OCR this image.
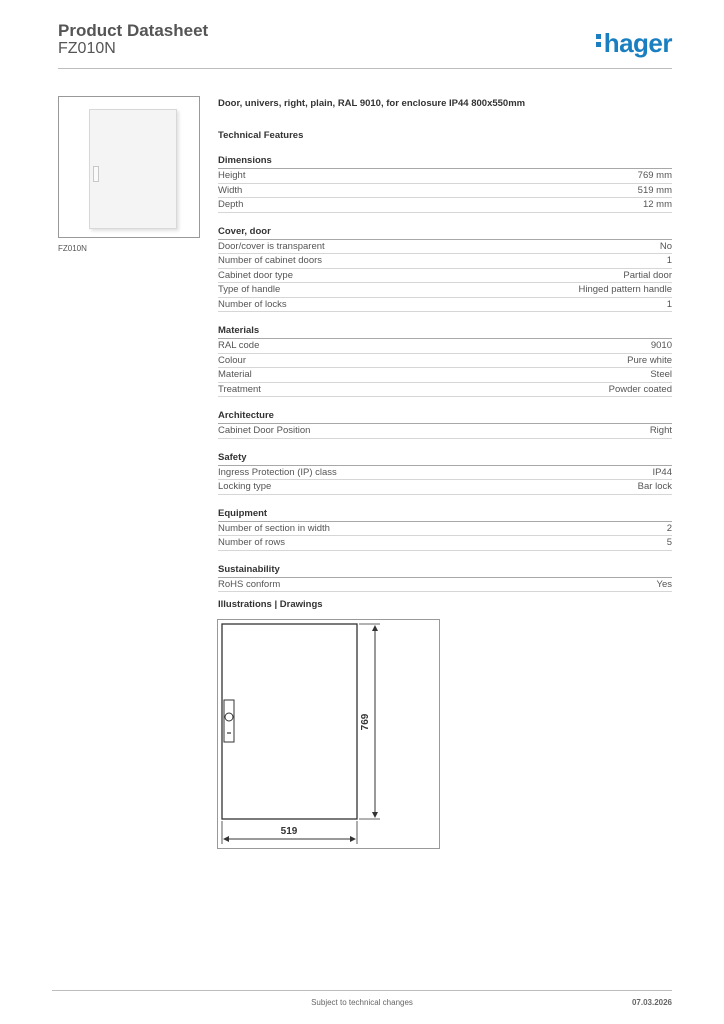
Product Datasheet
FZ010N	hager
FZ010N
Door, univers, right, plain, RAL 9010, for enclosure IP44 800x550mm
Technical Features
Dimensions
Height	769 mm
Width	519 mm
Depth	12 mm
Cover, door
Door/cover is transparent	No
Number of cabinet doors	1
Cabinet door type	Partial door
Type of handle	Hinged pattern handle
Number of locks	1
Materials
RAL code	9010
Colour	Pure white
Material	Steel
Treatment	Powder coated
Architecture
Cabinet Door Position	Right
Safety
Ingress Protection (IP) class	IP44
Locking type	Bar lock
Equipment
Number of section in width	2
Number of rows	5
Sustainability
RoHS conform	Yes
Illustrations | Drawings
769
519
Subject to technical changes	07.03.2026
